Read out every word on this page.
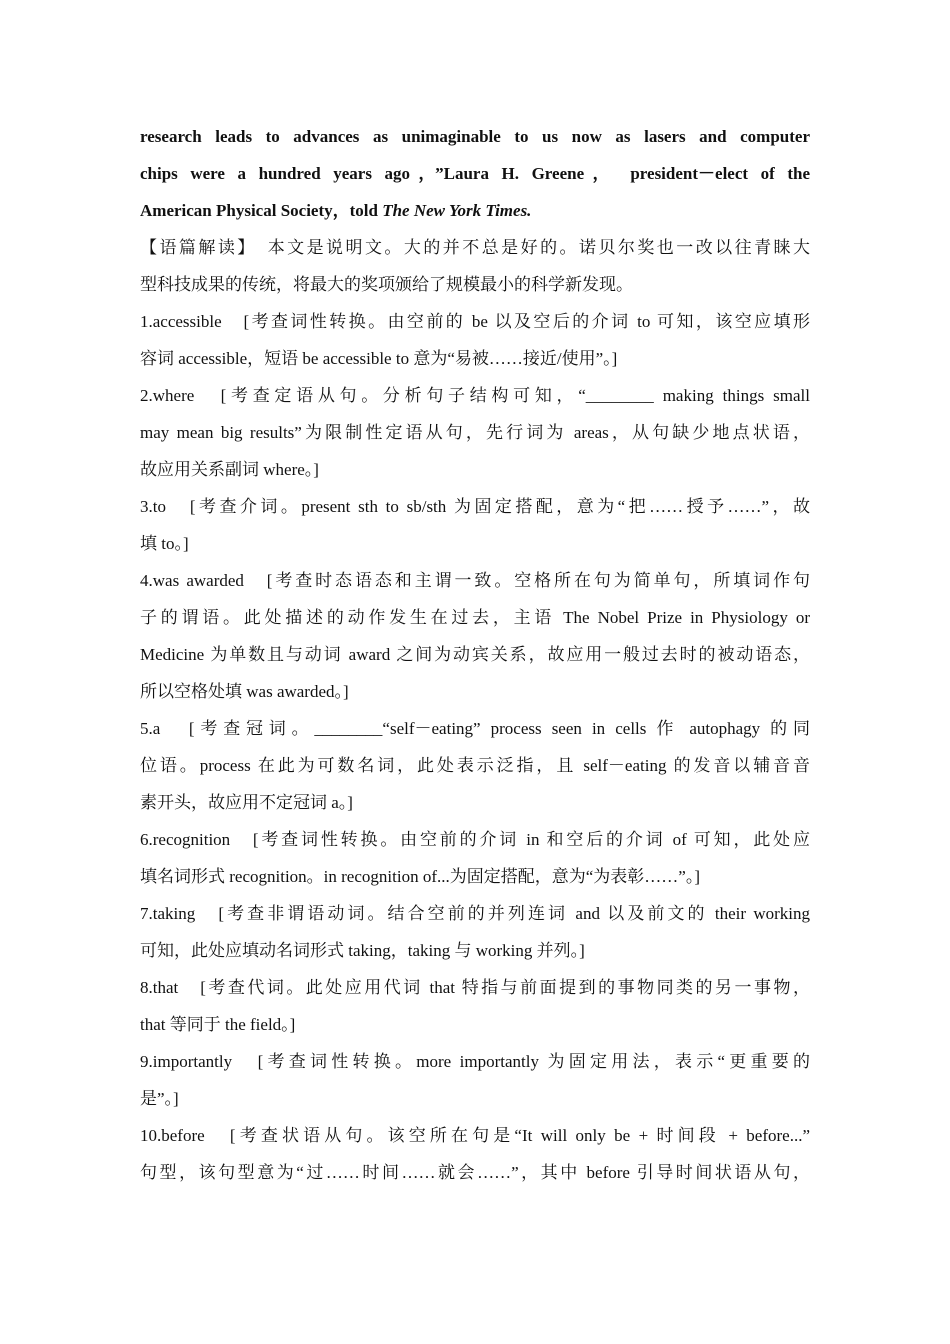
research leads to advances as unimaginable to us now as lasers and computer
chips were a hundred years ago，”Laura H. Greene， president－elect of the
American Physical Society，told The New York Times.
【语篇解读】　本文是说明文。大的并不总是好的。诺贝尔奖也一改以往青睐大
型科技成果的传统，将最大的奖项颁给了规模最小的科学新发现。
1.accessible　[考查词性转换。由空前的 be 以及空后的介词 to 可知，该空应填形
容词 accessible，短语 be accessible to 意为“易被……接近/使用”。]
2.where　[考查定语从句。分析句子结构可知，“________ making things small
may mean big results”为限制性定语从句，先行词为 areas，从句缺少地点状语，
故应用关系副词 where。]
3.to　[考查介词。present sth to sb/sth 为固定搭配，意为“把……授予……”，故
填 to。]
4.was awarded　[考查时态语态和主谓一致。空格所在句为简单句，所填词作句
子的谓语。此处描述的动作发生在过去，主语 The Nobel Prize in Physiology or
Medicine 为单数且与动词 award 之间为动宾关系，故应用一般过去时的被动语态，
所以空格处填 was awarded。]
5.a　[考查冠词。________“self－eating” process seen in cells 作 autophagy 的同
位语。process 在此为可数名词，此处表示泛指，且 self－eating 的发音以辅音音
素开头，故应用不定冠词 a。]
6.recognition　[考查词性转换。由空前的介词 in 和空后的介词 of 可知，此处应
填名词形式 recognition。in recognition of...为固定搭配，意为“为表彰……”。]
7.taking　[考查非谓语动词。结合空前的并列连词 and 以及前文的 their working
可知，此处应填动名词形式 taking，taking 与 working 并列。]
8.that　[考查代词。此处应用代词 that 特指与前面提到的事物同类的另一事物，
that 等同于 the field。]
9.importantly　[考查词性转换。more importantly 为固定用法，表示“更重要的
是”。]
10.before　[考查状语从句。该空所在句是“It will only be + 时间段 + before...”
句型，该句型意为“过……时间……就会……”，其中 before 引导时间状语从句，
